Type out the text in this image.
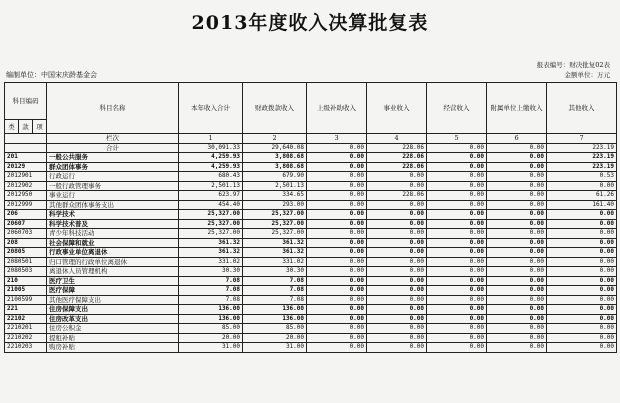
2013年度收入决算批复表
编制单位：中国宋庆龄基金会
报表编号：财决批复02表
金额单位：万元
科目编码			科目名称	本年收入合计	财政拨款收入	上级补助收入	事业收入	经营收入	附属单位上缴收入	其他收入
类	款	项								
			栏次	1	2	3	4	5	6	7
			合计	30,091.33	29,640.08	0.00	228.06	0.00	0.00	223.19
201			一般公共服务	4,259.93	3,808.68	0.00	228.06	0.00	0.00	223.19
20129			群众团体事务	4,259.93	3,808.68	0.00	228.06	0.00	0.00	223.19
2012901			行政运行	680.43	679.90	0.00	0.00	0.00	0.00	0.53
2012902			一般行政管理事务	2,501.13	2,501.13	0.00	0.00	0.00	0.00	0.00
2012950			事业运行	623.97	334.65	0.00	228.06	0.00	0.00	61.26
2012999			其他群众团体事务支出	454.40	293.00	0.00	0.00	0.00	0.00	161.40
206			科学技术	25,327.00	25,327.00	0.00	0.00	0.00	0.00	0.00
20607			科学技术普及	25,327.00	25,327.00	0.00	0.00	0.00	0.00	0.00
2060703			青少年科技活动	25,327.00	25,327.00	0.00	0.00	0.00	0.00	0.00
208			社会保障和就业	361.32	361.32	0.00	0.00	0.00	0.00	0.00
20805			行政事业单位离退休	361.32	361.32	0.00	0.00	0.00	0.00	0.00
2080501			归口管理的行政单位离退休	331.02	331.02	0.00	0.00	0.00	0.00	0.00
2080503			离退休人员管理机构	30.30	30.30	0.00	0.00	0.00	0.00	0.00
210			医疗卫生	7.08	7.08	0.00	0.00	0.00	0.00	0.00
21005			医疗保障	7.08	7.08	0.00	0.00	0.00	0.00	0.00
2100599			其他医疗保障支出	7.08	7.08	0.00	0.00	0.00	0.00	0.00
221			住房保障支出	136.00	136.00	0.00	0.00	0.00	0.00	0.00
22102			住房改革支出	136.00	136.00	0.00	0.00	0.00	0.00	0.00
2210201			住房公积金	85.00	85.00	0.00	0.00	0.00	0.00	0.00
2210202			提租补贴	20.00	20.00	0.00	0.00	0.00	0.00	0.00
2210203			购房补贴	31.00	31.00	0.00	0.00	0.00	0.00	0.00
